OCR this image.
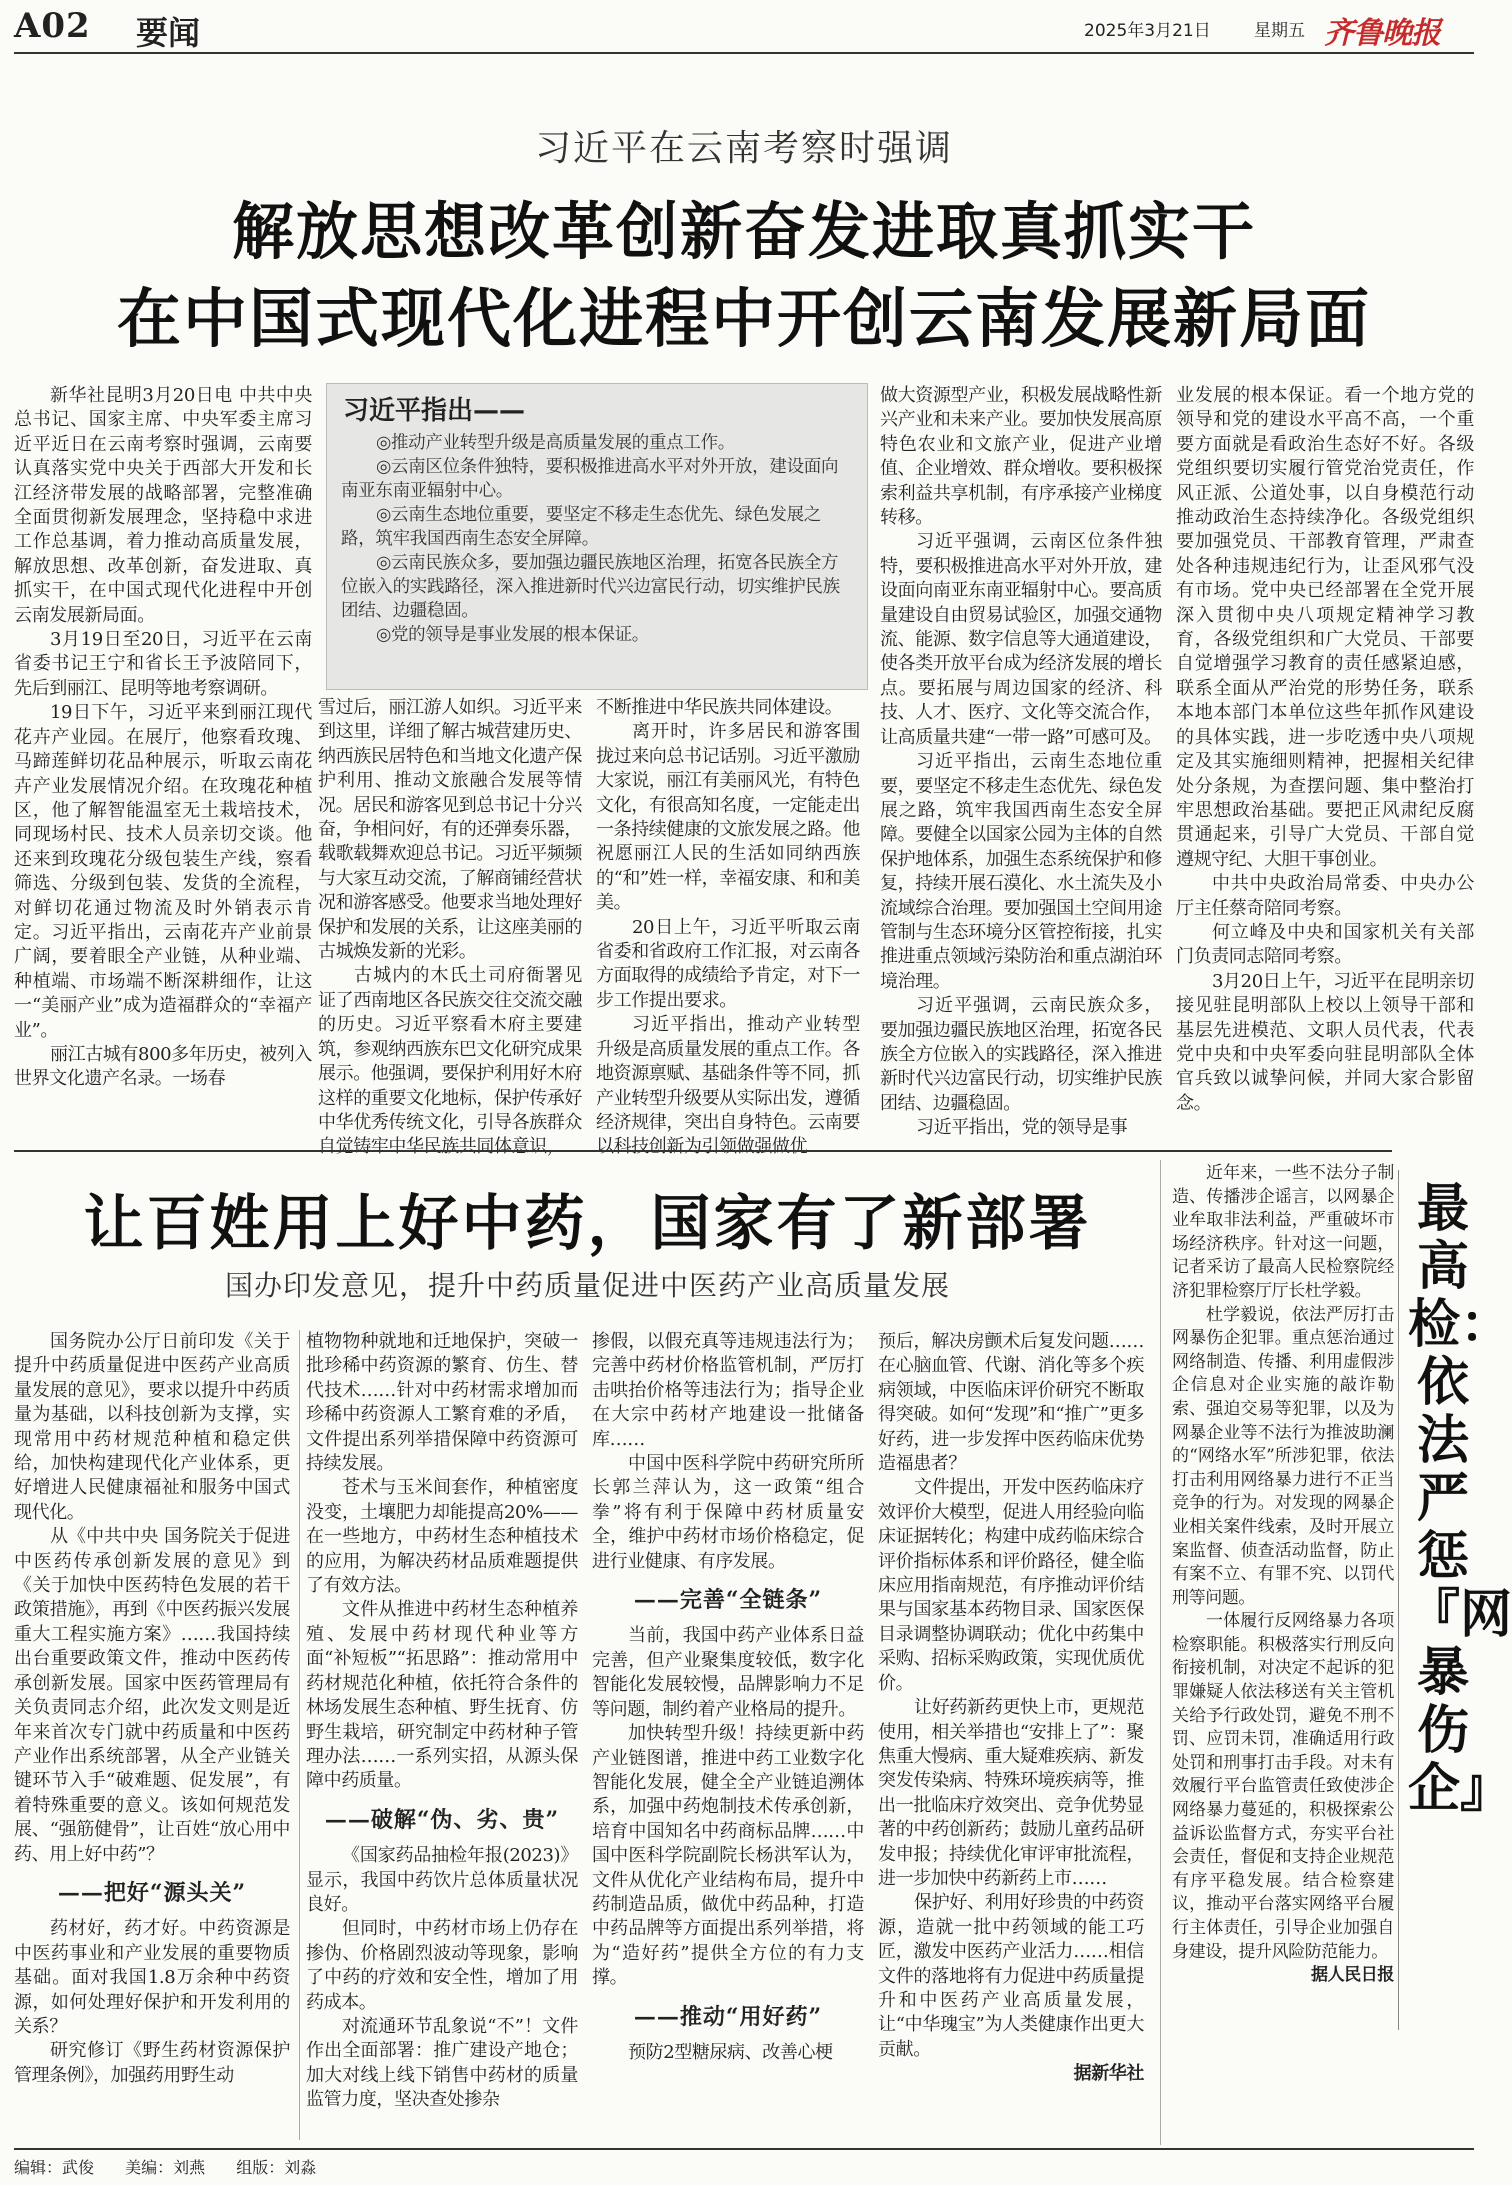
A02 要闻	2025年3月21日	星期五 齐鲁晚报
习近平在云南考察时强调
解放思想改革创新奋发进取真抓实干
在中国式现代化进程中开创云南发展新局面

新华社昆明3月20日电 中共中央总书记、国家主席、中央军委主席习近平近日在云南考察时强调，云南要认真落实党中央关于西部大开发和长江经济带发展的战略部署，完整准确全面贯彻新发展理念，坚持稳中求进工作总基调，着力推动高质量发展，解放思想、改革创新，奋发进取、真抓实干，在中国式现代化进程中开创云南发展新局面。

3月19日至20日，习近平在云南省委书记王宁和省长王予波陪同下，先后到丽江、昆明等地考察调研。

19日下午，习近平来到丽江现代花卉产业园。在展厅，他察看玫瑰、马蹄莲鲜切花品种展示，听取云南花卉产业发展情况介绍。在玫瑰花种植区，他了解智能温室无土栽培技术，同现场村民、技术人员亲切交谈。他还来到玫瑰花分级包装生产线，察看筛选、分级到包装、发货的全流程，对鲜切花通过物流及时外销表示肯定。习近平指出，云南花卉产业前景广阔，要着眼全产业链，从种业端、种植端、市场端不断深耕细作，让这一“美丽产业”成为造福群众的“幸福产业”。

丽江古城有800多年历史，被列入世界文化遗产名录。一场春

习近平指出——
◎推动产业转型升级是高质量发展的重点工作。
◎云南区位条件独特，要积极推进高水平对外开放，建设面向南亚东南亚辐射中心。
◎云南生态地位重要，要坚定不移走生态优先、绿色发展之路，筑牢我国西南生态安全屏障。
◎云南民族众多，要加强边疆民族地区治理，拓宽各民族全方位嵌入的实践路径，深入推进新时代兴边富民行动，切实维护民族团结、边疆稳固。
◎党的领导是事业发展的根本保证。

雪过后，丽江游人如织。习近平来到这里，详细了解古城营建历史、纳西族民居特色和当地文化遗产保护利用、推动文旅融合发展等情况。居民和游客见到总书记十分兴奋，争相问好，有的还弹奏乐器，载歌载舞欢迎总书记。习近平频频与大家互动交流，了解商铺经营状况和游客感受。他要求当地处理好保护和发展的关系，让这座美丽的古城焕发新的光彩。

古城内的木氏土司府衙署见证了西南地区各民族交往交流交融的历史。习近平察看木府主要建筑，参观纳西族东巴文化研究成果展示。他强调，要保护利用好木府这样的重要文化地标，保护传承好中华优秀传统文化，引导各族群众自觉铸牢中华民族共同体意识，

不断推进中华民族共同体建设。

离开时，许多居民和游客围拢过来向总书记话别。习近平激励大家说，丽江有美丽风光，有特色文化，有很高知名度，一定能走出一条持续健康的文旅发展之路。他祝愿丽江人民的生活如同纳西族的“和”姓一样，幸福安康、和和美美。

20日上午，习近平听取云南省委和省政府工作汇报，对云南各方面取得的成绩给予肯定，对下一步工作提出要求。

习近平指出，推动产业转型升级是高质量发展的重点工作。各地资源禀赋、基础条件等不同，抓产业转型升级要从实际出发，遵循经济规律，突出自身特色。云南要以科技创新为引领做强做优

做大资源型产业，积极发展战略性新兴产业和未来产业。要加快发展高原特色农业和文旅产业，促进产业增值、企业增效、群众增收。要积极探索利益共享机制，有序承接产业梯度转移。

习近平强调，云南区位条件独特，要积极推进高水平对外开放，建设面向南亚东南亚辐射中心。要高质量建设自由贸易试验区，加强交通物流、能源、数字信息等大通道建设，使各类开放平台成为经济发展的增长点。要拓展与周边国家的经济、科技、人才、医疗、文化等交流合作，让高质量共建“一带一路”可感可及。

习近平指出，云南生态地位重要，要坚定不移走生态优先、绿色发展之路，筑牢我国西南生态安全屏障。要健全以国家公园为主体的自然保护地体系，加强生态系统保护和修复，持续开展石漠化、水土流失及小流域综合治理。要加强国土空间用途管制与生态环境分区管控衔接，扎实推进重点领域污染防治和重点湖泊环境治理。

习近平强调，云南民族众多，要加强边疆民族地区治理，拓宽各民族全方位嵌入的实践路径，深入推进新时代兴边富民行动，切实维护民族团结、边疆稳固。

习近平指出，党的领导是事

业发展的根本保证。看一个地方党的领导和党的建设水平高不高，一个重要方面就是看政治生态好不好。各级党组织要切实履行管党治党责任，作风正派、公道处事，以自身模范行动推动政治生态持续净化。各级党组织要加强党员、干部教育管理，严肃查处各种违规违纪行为，让歪风邪气没有市场。党中央已经部署在全党开展深入贯彻中央八项规定精神学习教育，各级党组织和广大党员、干部要自觉增强学习教育的责任感紧迫感，联系全面从严治党的形势任务，联系本地本部门本单位这些年抓作风建设的具体实践，进一步吃透中央八项规定及其实施细则精神，把握相关纪律处分条规，为查摆问题、集中整治打牢思想政治基础。要把正风肃纪反腐贯通起来，引导广大党员、干部自觉遵规守纪、大胆干事创业。

中共中央政治局常委、中央办公厅主任蔡奇陪同考察。

何立峰及中央和国家机关有关部门负责同志陪同考察。

3月20日上午，习近平在昆明亲切接见驻昆明部队上校以上领导干部和基层先进模范、文职人员代表，代表党中央和中央军委向驻昆明部队全体官兵致以诚挚问候，并同大家合影留念。

让百姓用上好中药，国家有了新部署
国办印发意见，提升中药质量促进中医药产业高质量发展

国务院办公厅日前印发《关于提升中药质量促进中医药产业高质量发展的意见》，要求以提升中药质量为基础，以科技创新为支撑，实现常用中药材规范种植和稳定供给，加快构建现代化产业体系，更好增进人民健康福祉和服务中国式现代化。

从《中共中央 国务院关于促进中医药传承创新发展的意见》到《关于加快中医药特色发展的若干政策措施》，再到《中医药振兴发展重大工程实施方案》……我国持续出台重要政策文件，推动中医药传承创新发展。国家中医药管理局有关负责同志介绍，此次发文则是近年来首次专门就中药质量和中医药产业作出系统部署，从全产业链关键环节入手“破难题、促发展”，有着特殊重要的意义。该如何规范发展、“强筋健骨”，让百姓“放心用中药、用上好中药”？

——把好“源头关”

药材好，药才好。中药资源是中医药事业和产业发展的重要物质基础。面对我国1.8万余种中药资源，如何处理好保护和开发利用的关系？

研究修订《野生药材资源保护管理条例》，加强药用野生动

植物物种就地和迁地保护，突破一批珍稀中药资源的繁育、仿生、替代技术……针对中药材需求增加而珍稀中药资源人工繁育难的矛盾，文件提出系列举措保障中药资源可持续发展。

苍术与玉米间套作，种植密度没变，土壤肥力却能提高20%——在一些地方，中药材生态种植技术的应用，为解决药材品质难题提供了有效方法。

文件从推进中药材生态种植养殖、发展中药材现代种业等方面“补短板”“拓思路”：推动常用中药材规范化种植，依托符合条件的林场发展生态种植、野生抚育、仿野生栽培，研究制定中药材种子管理办法……一系列实招，从源头保障中药质量。

——破解“伪、劣、贵”

《国家药品抽检年报(2023)》显示，我国中药饮片总体质量状况良好。

但同时，中药材市场上仍存在掺伪、价格剧烈波动等现象，影响了中药的疗效和安全性，增加了用药成本。

对流通环节乱象说“不”！文件作出全面部署：推广建设产地仓；加大对线上线下销售中药材的质量监管力度，坚决查处掺杂

掺假，以假充真等违规违法行为；完善中药材价格监管机制，严厉打击哄抬价格等违法行为；指导企业在大宗中药材产地建设一批储备库……

中国中医科学院中药研究所所长郭兰萍认为，这一政策“组合拳”将有利于保障中药材质量安全，维护中药材市场价格稳定，促进行业健康、有序发展。

——完善“全链条”

当前，我国中药产业体系日益完善，但产业聚集度较低，数字化智能化发展较慢，品牌影响力不足等问题，制约着产业格局的提升。

加快转型升级！持续更新中药产业链图谱，推进中药工业数字化智能化发展，健全全产业链追溯体系，加强中药炮制技术传承创新，培育中国知名中药商标品牌……中国中医科学院副院长杨洪军认为，文件从优化产业结构布局，提升中药制造品质，做优中药品种，打造中药品牌等方面提出系列举措，将为“造好药”提供全方位的有力支撑。

——推动“用好药”

预防2型糖尿病、改善心梗

预后，解决房颤术后复发问题……在心脑血管、代谢、消化等多个疾病领域，中医临床评价研究不断取得突破。如何“发现”和“推广”更多好药，进一步发挥中医药临床优势造福患者？

文件提出，开发中医药临床疗效评价大模型，促进人用经验向临床证据转化；构建中成药临床综合评价指标体系和评价路径，健全临床应用指南规范，有序推动评价结果与国家基本药物目录、国家医保目录调整协调联动；优化中药集中采购、招标采购政策，实现优质优价。

让好药新药更快上市，更规范使用，相关举措也“安排上了”：聚焦重大慢病、重大疑难疾病、新发突发传染病、特殊环境疾病等，推出一批临床疗效突出、竞争优势显著的中药创新药；鼓励儿童药品研发申报；持续优化审评审批流程，进一步加快中药新药上市……

保护好、利用好珍贵的中药资源，造就一批中药领域的能工巧匠，激发中医药产业活力……相信文件的落地将有力促进中药质量提升和中医药产业高质量发展，让“中华瑰宝”为人类健康作出更大贡献。

据新华社

近年来，一些不法分子制造、传播涉企谣言，以网暴企业牟取非法利益，严重破坏市场经济秩序。针对这一问题，记者采访了最高人民检察院经济犯罪检察厅厅长杜学毅。

杜学毅说，依法严厉打击网暴伤企犯罪。重点惩治通过网络制造、传播、利用虚假涉企信息对企业实施的敲诈勒索、强迫交易等犯罪，以及为网暴企业等不法行为推波助澜的“网络水军”所涉犯罪，依法打击利用网络暴力进行不正当竞争的行为。对发现的网暴企业相关案件线索，及时开展立案监督、侦查活动监督，防止有案不立、有罪不究、以罚代刑等问题。

一体履行反网络暴力各项检察职能。积极落实行刑反向衔接机制，对决定不起诉的犯罪嫌疑人依法移送有关主管机关给予行政处罚，避免不刑不罚、应罚未罚，准确适用行政处罚和刑事打击手段。对未有效履行平台监管责任致使涉企网络暴力蔓延的，积极探索公益诉讼监督方式，夯实平台社会责任，督促和支持企业规范有序平稳发展。结合检察建议，推动平台落实网络平台履行主体责任，引导企业加强自身建设，提升风险防范能力。

据人民日报

最高检：依法严惩『网暴伤企』
编辑：武俊 美编：刘燕 组版：刘淼
